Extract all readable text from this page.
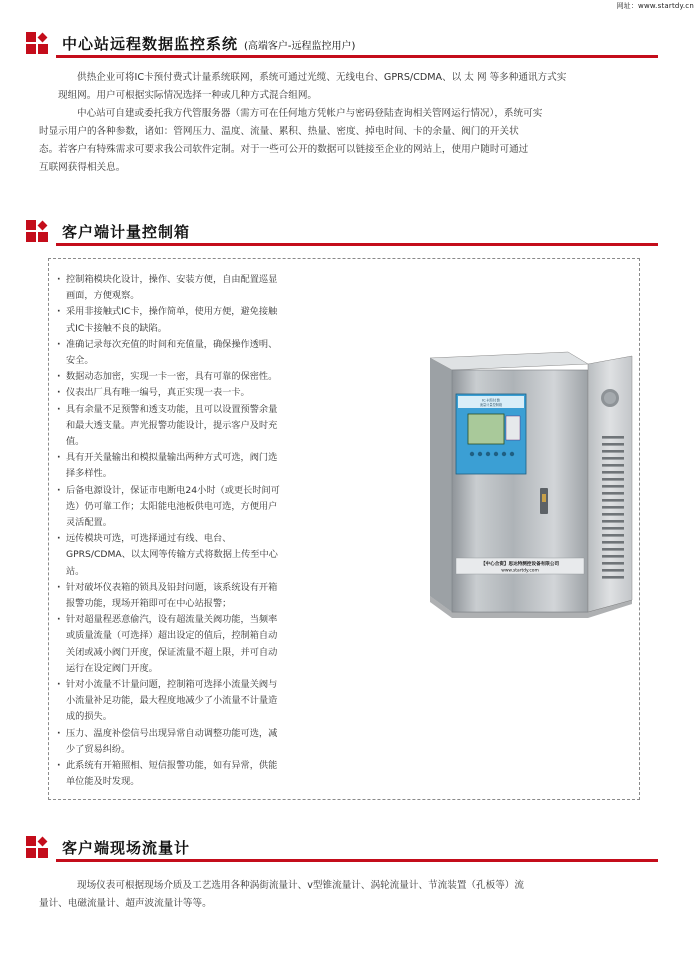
网址：www.startdy.cn
中心站远程数据监控系统 (高端客户-远程监控用户)
供热企业可将IC卡预付费式计量系统联网，系统可通过光缆、无线电台、GPRS/CDMA、以 太 网 等多种通讯方式实
现组网。用户可根据实际情况选择一种或几种方式混合组网。
中心站可自建或委托我方代管服务器（需方可在任何地方凭帐户与密码登陆查询相关管网运行情况），系统可实
时显示用户的各种参数，诸如：管网压力、温度、流量、累积、热量、密度、掉电时间、卡的余量、阀门的开关状
态。若客户有特殊需求可要求我公司软件定制。对于一些可公开的数据可以链接至企业的网站上，使用户随时可通过
互联网获得相关息。
客户端计量控制箱
· 控制箱模块化设计，操作、安装方便，自由配置巡显
画面，方便观察。
· 采用非接触式IC卡，操作简单，使用方便，避免接触
式IC卡接触不良的缺陷。
· 准确记录每次充值的时间和充值量，确保操作透明、
安全。
· 数据动态加密，实现一卡一密，具有可靠的保密性。
· 仪表出厂具有唯一编号，真正实现一表一卡。
· 具有余量不足预警和透支功能，且可以设置预警余量
和最大透支量。声光报警功能设计，提示客户及时充
值。
· 具有开关量输出和模拟量输出两种方式可选，阀门选
择多样性。
· 后备电源设计，保证市电断电24小时（或更长时间可
选）仍可靠工作；太阳能电池板供电可选，方便用户
灵活配置。
· 远传模块可选，可选择通过有线、电台、
GPRS/CDMA、以太网等传输方式将数据上传至中心
站。
· 针对破坏仪表箱的锁具及铅封问题，该系统设有开箱
报警功能，现场开箱即可在中心站报警；
· 针对超量程恶意偷汽，设有超流量关阀功能，当频率
或质量流量（可选择）超出设定的值后，控制箱自动
关闭或减小阀门开度，保证流量不超上限，并可自动
运行在设定阀门开度。
· 针对小流量不计量问题，控制箱可选择小流量关阀与
小流量补足功能，最大程度地减少了小流量不计量造
成的损失。
· 压力、温度补偿信号出现异常自动调整功能可选，减
少了贸易纠纷。
· 此系统有开箱照相、短信报警功能，如有异常，供能
单位能及时发现。
IC卡预付费
流量计量控制箱
【中心合资】思达特测控设备有限公司
www.startdy.com
客户端现场流量计
现场仪表可根据现场介质及工艺选用各种涡街流量计、v型锥流量计、涡轮流量计、节流装置（孔板等）流
量计、电磁流量计、超声波流量计等等。
